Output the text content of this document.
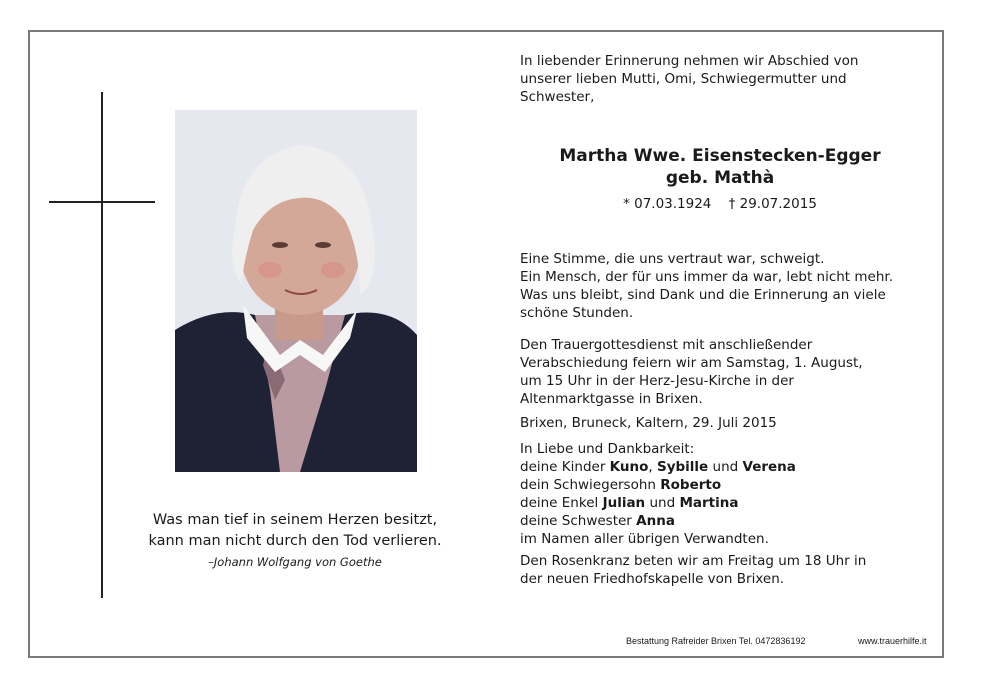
Was man tief in seinem Herzen besitzt,
kann man nicht durch den Tod verlieren.
–Johann Wolfgang von Goethe
In liebender Erinnerung nehmen wir Abschied von
unserer lieben Mutti, Omi, Schwiegermutter und
Schwester,
Martha Wwe. Eisenstecken-Egger
geb. Mathà
* 07.03.1924 † 29.07.2015
Eine Stimme, die uns vertraut war, schweigt.
Ein Mensch, der für uns immer da war, lebt nicht mehr.
Was uns bleibt, sind Dank und die Erinnerung an viele
schöne Stunden.
Den Trauergottesdienst mit anschließender
Verabschiedung feiern wir am Samstag, 1. August,
um 15 Uhr in der Herz-Jesu-Kirche in der
Altenmarktgasse in Brixen.
Brixen, Bruneck, Kaltern, 29. Juli 2015
In Liebe und Dankbarkeit:
deine Kinder Kuno, Sybille und Verena
dein Schwiegersohn Roberto
deine Enkel Julian und Martina
deine Schwester Anna
im Namen aller übrigen Verwandten.
Den Rosenkranz beten wir am Freitag um 18 Uhr in
der neuen Friedhofskapelle von Brixen.
Bestattung Rafreider Brixen Tel. 0472836192	www.trauerhilfe.it
